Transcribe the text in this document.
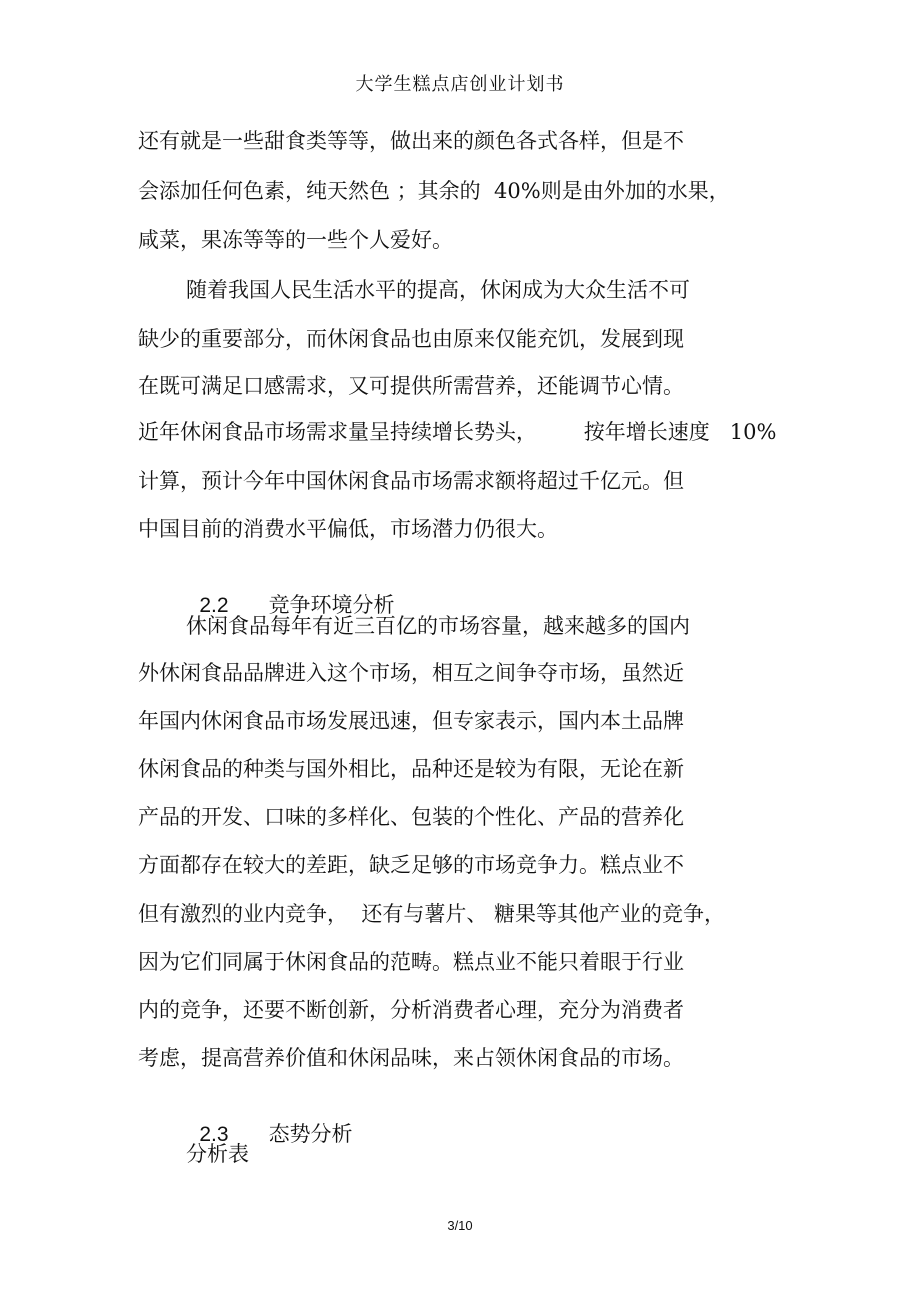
大学生糕点店创业计划书
还有就是一些甜食类等等，做出来的颜色各式各样，但是不
会添加任何色素，纯天然色 ；其余的  40%则是由外加的水果，
咸菜，果冻等等的一些个人爱好。
随着我国人民生活水平的提高，休闲成为大众生活不可
缺少的重要部分，而休闲食品也由原来仅能充饥，发展到现
在既可满足口感需求，又可提供所需营养，还能调节心情。
近年休闲食品市场需求量呈持续增长势头，       按年增长速度   10%
计算，预计今年中国休闲食品市场需求额将超过千亿元。但
中国目前的消费水平偏低，市场潜力仍很大。

2.2 竞争环境分析

休闲食品每年有近三百亿的市场容量，越来越多的国内
外休闲食品品牌进入这个市场，相互之间争夺市场，虽然近
年国内休闲食品市场发展迅速，但专家表示，国内本土品牌
休闲食品的种类与国外相比，品种还是较为有限，无论在新
产品的开发、口味的多样化、包装的个性化、产品的营养化
方面都存在较大的差距，缺乏足够的市场竞争力。糕点业不
但有激烈的业内竞争，  还有与薯片、 糖果等其他产业的竞争，
因为它们同属于休闲食品的范畴。糕点业不能只着眼于行业
内的竞争，还要不断创新，分析消费者心理，充分为消费者
考虑，提高营养价值和休闲品味，来占领休闲食品的市场。

2.3 态势分析

分析表
3/10
